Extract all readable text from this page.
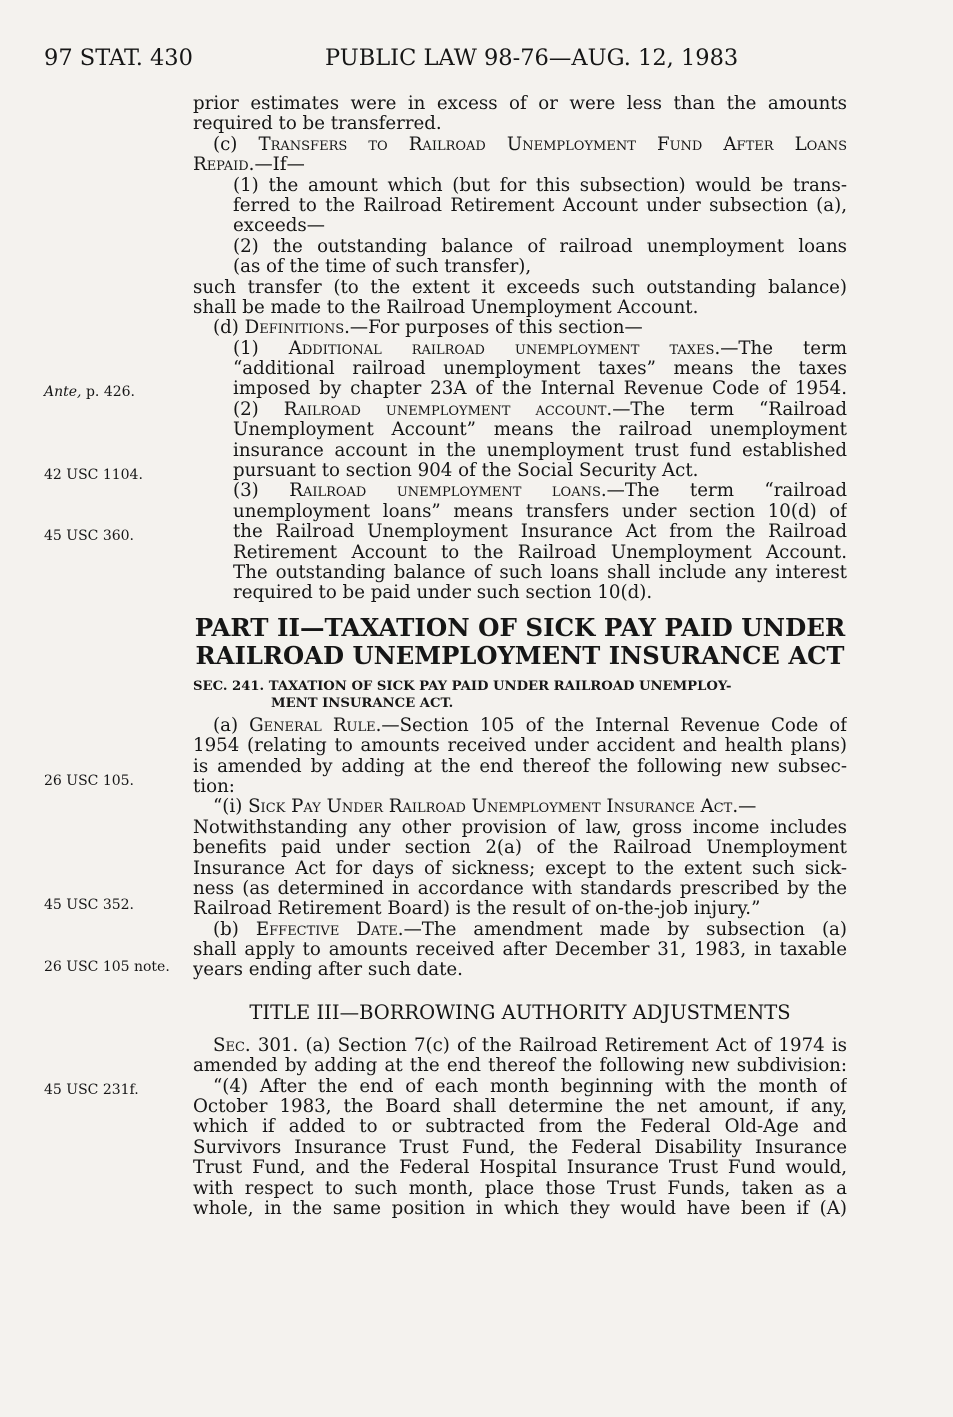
97 STAT. 430	PUBLIC LAW 98-76—AUG. 12, 1983
Ante, p. 426.
42 USC 1104.
45 USC 360.
26 USC 105.
45 USC 352.
26 USC 105 note.
45 USC 231f.
prior estimates were in excess of or were less than the amounts
required to be transferred.
(c) Transfers to Railroad Unemployment Fund After Loans
Repaid.—If—
(1) the amount which (but for this subsection) would be trans-
ferred to the Railroad Retirement Account under subsection (a),
exceeds—
(2) the outstanding balance of railroad unemployment loans
(as of the time of such transfer),
such transfer (to the extent it exceeds such outstanding balance)
shall be made to the Railroad Unemployment Account.
(d) Definitions.—For purposes of this section—
(1) Additional railroad unemployment taxes.—The term
“additional railroad unemployment taxes” means the taxes
imposed by chapter 23A of the Internal Revenue Code of 1954.
(2) Railroad unemployment account.—The term “Railroad
Unemployment Account” means the railroad unemployment
insurance account in the unemployment trust fund established
pursuant to section 904 of the Social Security Act.
(3) Railroad unemployment loans.—The term “railroad
unemployment loans” means transfers under section 10(d) of
the Railroad Unemployment Insurance Act from the Railroad
Retirement Account to the Railroad Unemployment Account.
The outstanding balance of such loans shall include any interest
required to be paid under such section 10(d).
PART II—TAXATION OF SICK PAY PAID UNDER
RAILROAD UNEMPLOYMENT INSURANCE ACT
SEC. 241. TAXATION OF SICK PAY PAID UNDER RAILROAD UNEMPLOY-
MENT INSURANCE ACT.
(a) General Rule.—Section 105 of the Internal Revenue Code of
1954 (relating to amounts received under accident and health plans)
is amended by adding at the end thereof the following new subsec-
tion:
“(i) Sick Pay Under Railroad Unemployment Insurance Act.—
Notwithstanding any other provision of law, gross income includes
benefits paid under section 2(a) of the Railroad Unemployment
Insurance Act for days of sickness; except to the extent such sick-
ness (as determined in accordance with standards prescribed by the
Railroad Retirement Board) is the result of on-the-job injury.”
(b) Effective Date.—The amendment made by subsection (a)
shall apply to amounts received after December 31, 1983, in taxable
years ending after such date.
TITLE III—BORROWING AUTHORITY ADJUSTMENTS
Sec. 301. (a) Section 7(c) of the Railroad Retirement Act of 1974 is
amended by adding at the end thereof the following new subdivision:
“(4) After the end of each month beginning with the month of
October 1983, the Board shall determine the net amount, if any,
which if added to or subtracted from the Federal Old-Age and
Survivors Insurance Trust Fund, the Federal Disability Insurance
Trust Fund, and the Federal Hospital Insurance Trust Fund would,
with respect to such month, place those Trust Funds, taken as a
whole, in the same position in which they would have been if (A)
